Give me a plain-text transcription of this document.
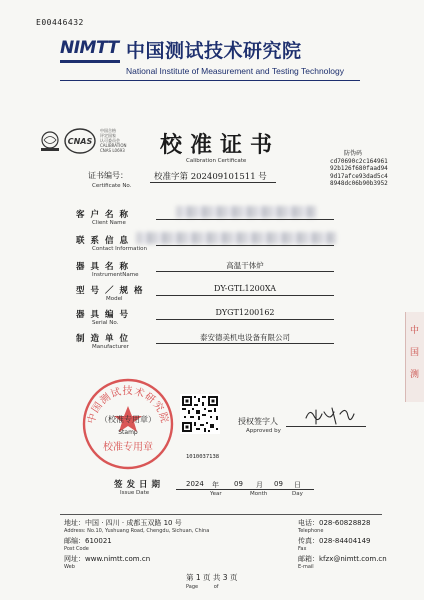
E00446432
NIMTT 中国测试技术研究院
National Institute of Measurement and Testing Technology
CNAS
中国合格
评定国家
认可委员会
CALIBRATION
CNAS L0693 校准证书
Calibration Certificate
证书编号：
Certificate No.
校准字第 202409101511 号
防伪码
cd70690c2c164961
92b126f680faad94
9d17afce93dad5c4
8948dc06b90b3952
客户名称
Client Name
联系信息
Contact Information
器具名称
InstrumentName
高温干体炉
型号／规格
Model
DY-GTL1200XA
器具编号
Serial No.
DYGT1200162
制造单位
Manufacturer
泰安德美机电设备有限公司
中国测试技术研究院
（校准专用章）
Stamp
校准专用章
1010037138
授权签字人
Approved by
签发日期
Issue Date
2024 年
Year
09 月
Month
09 日
Day
地址：中国 · 四川 · 成都玉双路 10 号
Address: No.10, Yushuang Road, Chengdu, Sichuan, China
邮编：610021
Post Code
网址：www.nimtt.com.cn
Web
电话：028-60828828
Telephone
传真：028-84404149
Fax
邮箱：kfzx@nimtt.com.cn
E-mail
第 1 页 共 3 页
Page of
中国测
